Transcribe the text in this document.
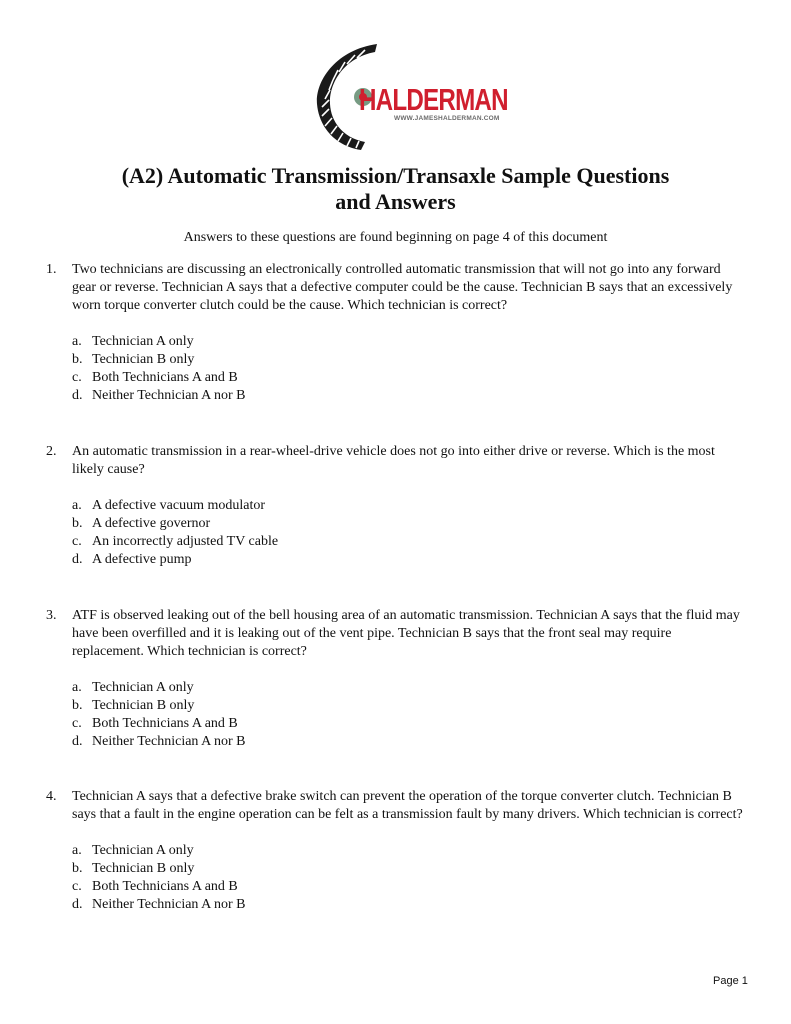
HALDERMAN
WWW.JAMESHALDERMAN.COM
(A2) Automatic Transmission/Transaxle Sample Questions
and Answers
Answers to these questions are found beginning on page 4 of this document
1.	Two technicians are discussing an electronically controlled automatic transmission that will not go into any forward gear or reverse. Technician A says that a defective computer could be the cause. Technician B says that an excessively worn torque converter clutch could be the cause. Which technician is correct?
a. Technician A only
b. Technician B only
c. Both Technicians A and B
d. Neither Technician A nor B
2.	An automatic transmission in a rear-wheel-drive vehicle does not go into either drive or reverse. Which is the most likely cause?
a. A defective vacuum modulator
b. A defective governor
c. An incorrectly adjusted TV cable
d. A defective pump
3.	ATF is observed leaking out of the bell housing area of an automatic transmission. Technician A says that the fluid may have been overfilled and it is leaking out of the vent pipe. Technician B says that the front seal may require replacement. Which technician is correct?
a. Technician A only
b. Technician B only
c. Both Technicians A and B
d. Neither Technician A nor B
4.	Technician A says that a defective brake switch can prevent the operation of the torque converter clutch. Technician B says that a fault in the engine operation can be felt as a transmission fault by many drivers. Which technician is correct?
a. Technician A only
b. Technician B only
c. Both Technicians A and B
d. Neither Technician A nor B
Page 1
